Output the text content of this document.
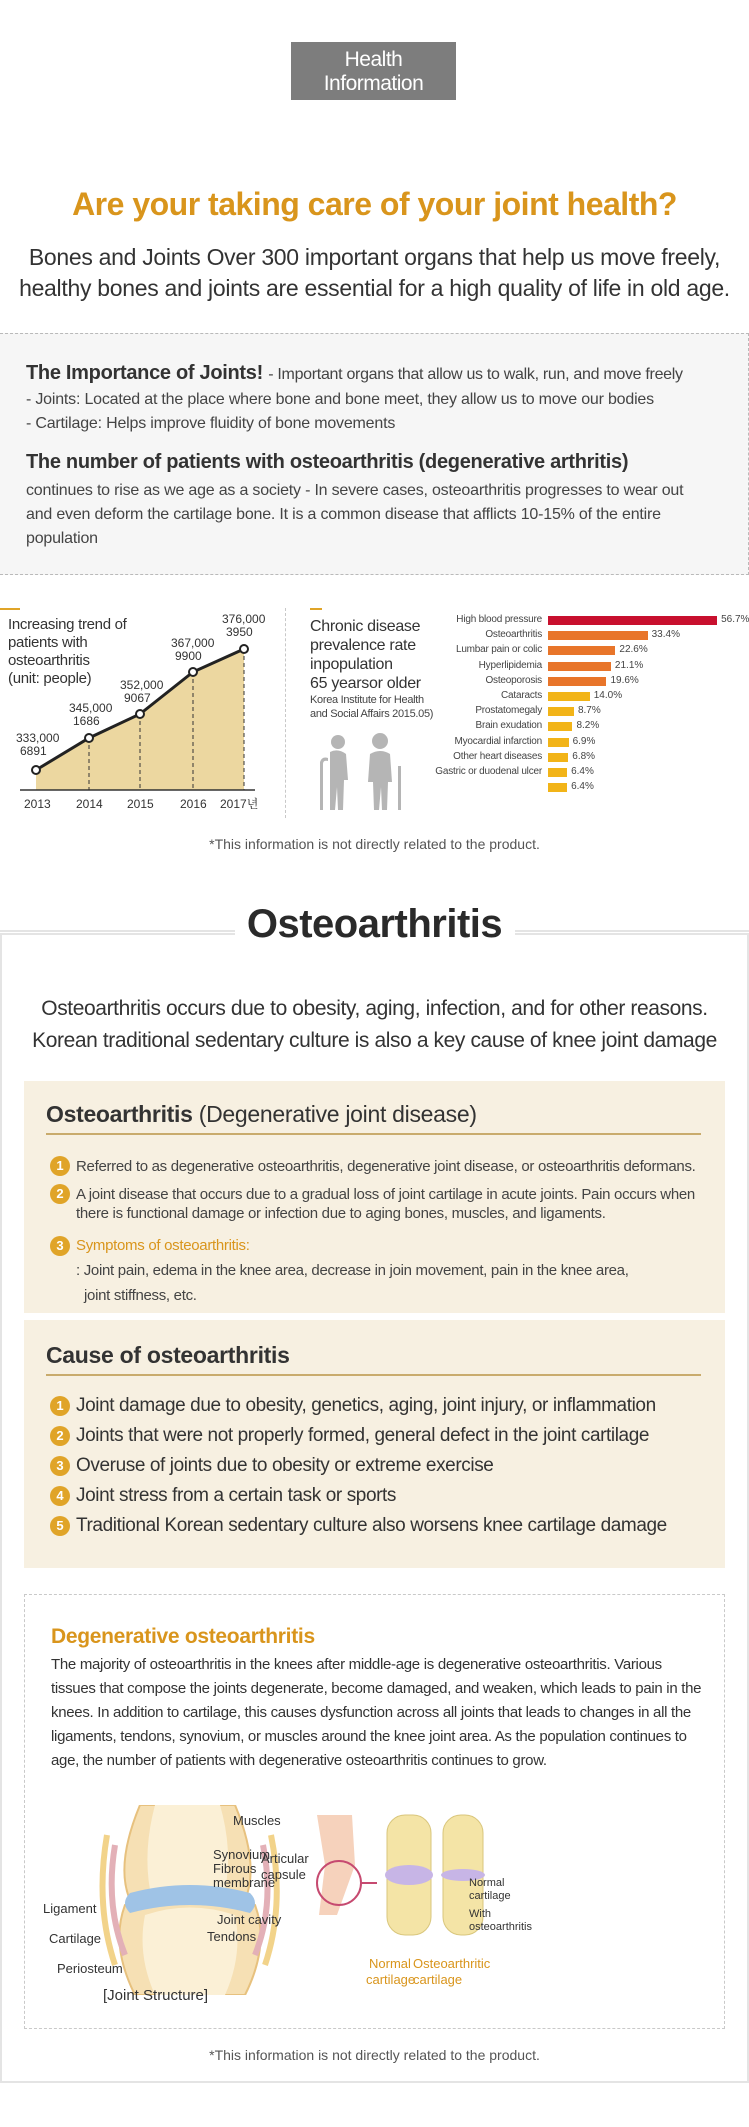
Health
Information
Are your taking care of your joint health?
Bones and Joints Over 300 important organs that help us move freely,
healthy bones and joints are essential for a high quality of life in old age.
The Importance of Joints! - Important organs that allow us to walk, run, and move freely
- Joints: Located at the place where bone and bone meet, they allow us to move our bodies
- Cartilage: Helps improve fluidity of bone movements
The number of patients with osteoarthritis (degenerative arthritis)
continues to rise as we age as a society - In severe cases, osteoarthritis progresses to wear out
and even deform the cartilage bone. It is a common disease that afflicts 10-15% of the entire
population
Increasing trend of
patients with
osteoarthritis
(unit: people)
333,000
6891
345,000
1686
352,000
9067
367,000
9900
376,000
3950
2013 2014 2015 2016 2017년
Chronic disease
prevalence rate
inpopulation
65 yearsor older
Korea Institute for Health
and Social Affairs 2015.05)
High blood pressure	56.7%
Osteoarthritis	33.4%
Lumbar pain or colic	22.6%
Hyperlipidemia	21.1%
Osteoporosis	19.6%
Cataracts	14.0%
Prostatomegaly	8.7%
Brain exudation	8.2%
Myocardial infarction	6.9%
Other heart diseases	6.8%
Gastric or duodenal ulcer	6.4%
6.4%
*This information is not directly related to the product.
Osteoarthritis
Osteoarthritis occurs due to obesity, aging, infection, and for other reasons.
Korean traditional sedentary culture is also a key cause of knee joint damage
Osteoarthritis (Degenerative joint disease)
1 Referred to as degenerative osteoarthritis, degenerative joint disease, or osteoarthritis deformans.
2 A joint disease that occurs due to a gradual loss of joint cartilage in acute joints. Pain occurs when
there is functional damage or infection due to aging bones, muscles, and ligaments.
3 Symptoms of osteoarthritis:
: Joint pain, edema in the knee area, decrease in join movement, pain in the knee area,
joint stiffness, etc.
Cause of osteoarthritis
1 Joint damage due to obesity, genetics, aging, joint injury, or inflammation
2 Joints that were not properly formed, general defect in the joint cartilage
3 Overuse of joints due to obesity or extreme exercise
4 Joint stress from a certain task or sports
5 Traditional Korean sedentary culture also worsens knee cartilage damage
Degenerative osteoarthritis
The majority of osteoarthritis in the knees after middle-age is degenerative osteoarthritis. Various tissues that compose the joints degenerate, become damaged, and weaken, which leads to pain in the knees. In addition to cartilage, this causes dysfunction across all joints that leads to changes in all the ligaments, tendons, synovium, or muscles around the knee joint area. As the population continues to age, the number of patients with degenerative osteoarthritis continues to grow.
Muscles
Synovium
Fibrous
membrane
Articular
capsule
Ligament
Joint cavity
Cartilage	Tendons
Periosteum
[Joint Structure]
Normal
cartilage
With
osteoarthritis
Normal
cartilage
Osteoarthritic
cartilage
*This information is not directly related to the product.
